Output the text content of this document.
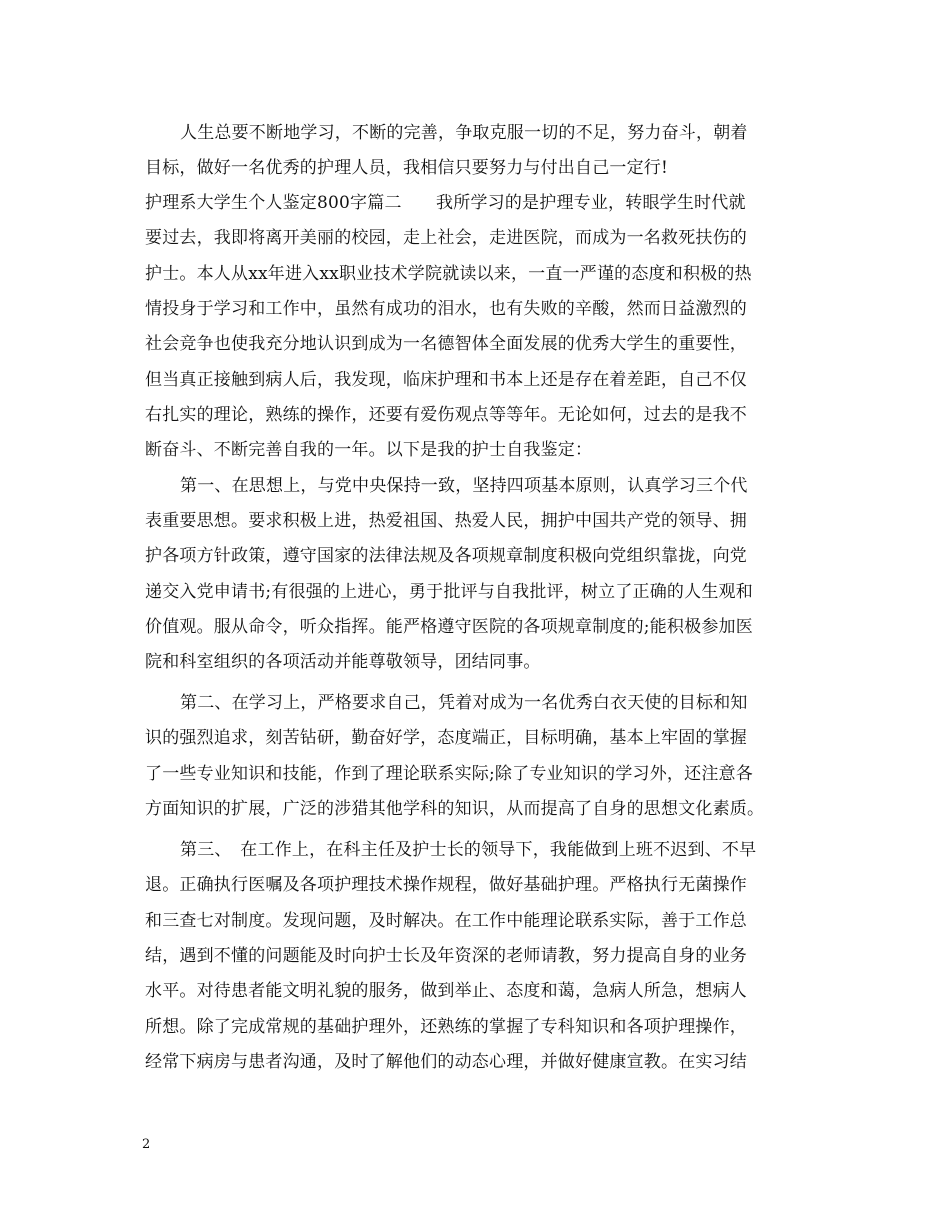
人生总要不断地学习，不断的完善，争取克服一切的不足，努力奋斗，朝着
目标，做好一名优秀的护理人员，我相信只要努力与付出自己一定行!
护理系大学生个人鉴定800字篇二　　我所学习的是护理专业，转眼学生时代就
要过去，我即将离开美丽的校园，走上社会，走进医院，而成为一名救死扶伤的
护士。本人从xx年进入xx职业技术学院就读以来，一直一严谨的态度和积极的热
情投身于学习和工作中，虽然有成功的泪水，也有失败的辛酸，然而日益激烈的
社会竞争也使我充分地认识到成为一名德智体全面发展的优秀大学生的重要性，
但当真正接触到病人后，我发现，临床护理和书本上还是存在着差距，自己不仅
右扎实的理论，熟练的操作，还要有爱伤观点等等年。无论如何，过去的是我不
断奋斗、不断完善自我的一年。以下是我的护士自我鉴定：
第一、在思想上，与党中央保持一致，坚持四项基本原则，认真学习三个代
表重要思想。要求积极上进，热爱祖国、热爱人民，拥护中国共产党的领导、拥
护各项方针政策，遵守国家的法律法规及各项规章制度积极向党组织靠拢，向党
递交入党申请书;有很强的上进心，勇于批评与自我批评，树立了正确的人生观和
价值观。服从命令，听众指挥。能严格遵守医院的各项规章制度的;能积极参加医
院和科室组织的各项活动并能尊敬领导，团结同事。
第二、在学习上，严格要求自己，凭着对成为一名优秀白衣天使的目标和知
识的强烈追求，刻苦钻研，勤奋好学，态度端正，目标明确，基本上牢固的掌握
了一些专业知识和技能，作到了理论联系实际;除了专业知识的学习外，还注意各
方面知识的扩展，广泛的涉猎其他学科的知识，从而提高了自身的思想文化素质。
第三、　在工作上，在科主任及护士长的领导下，我能做到上班不迟到、不早
退。正确执行医嘱及各项护理技术操作规程，做好基础护理。严格执行无菌操作
和三查七对制度。发现问题，及时解决。在工作中能理论联系实际，善于工作总
结，遇到不懂的问题能及时向护士长及年资深的老师请教，努力提高自身的业务
水平。对待患者能文明礼貌的服务，做到举止、态度和蔼，急病人所急，想病人
所想。除了完成常规的基础护理外，还熟练的掌握了专科知识和各项护理操作，
经常下病房与患者沟通，及时了解他们的动态心理，并做好健康宣教。在实习结
2
